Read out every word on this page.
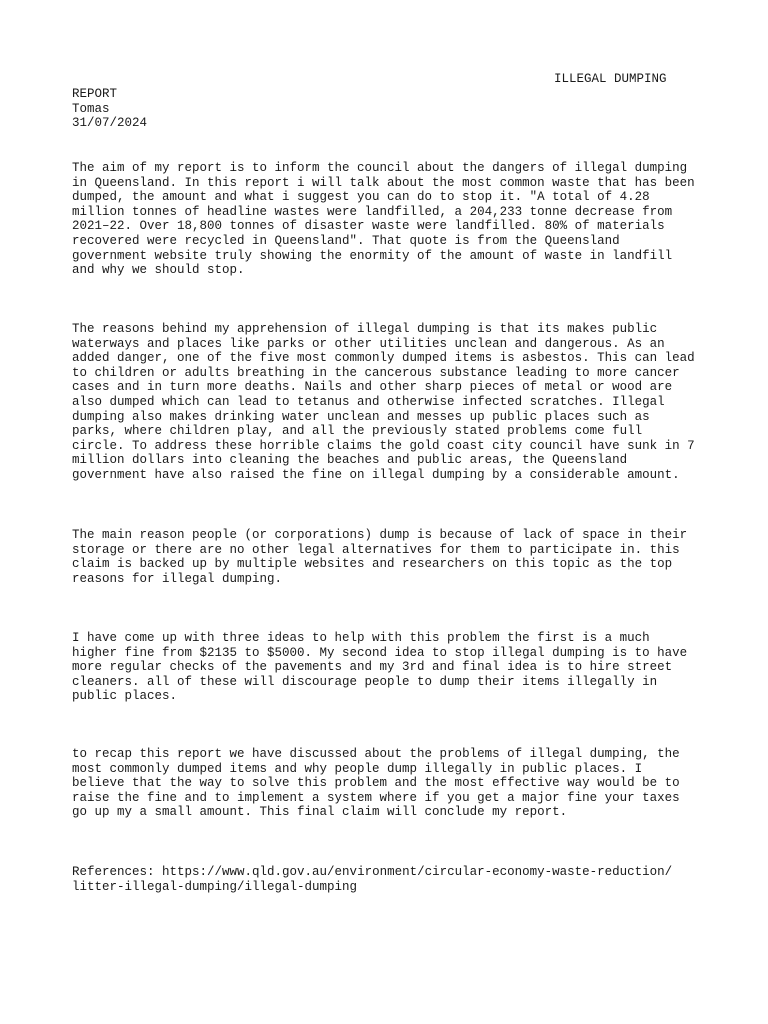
ILLEGAL DUMPING
REPORT
Tomas
31/07/2024
The aim of my report is to inform the council about the dangers of illegal dumping
in Queensland. In this report i will talk about the most common waste that has been
dumped, the amount and what i suggest you can do to stop it. "A total of 4.28
million tonnes of headline wastes were landfilled, a 204,233 tonne decrease from
2021–22. Over 18,800 tonnes of disaster waste were landfilled. 80% of materials
recovered were recycled in Queensland". That quote is from the Queensland
government website truly showing the enormity of the amount of waste in landfill
and why we should stop.
The reasons behind my apprehension of illegal dumping is that its makes public
waterways and places like parks or other utilities unclean and dangerous. As an
added danger, one of the five most commonly dumped items is asbestos. This can lead
to children or adults breathing in the cancerous substance leading to more cancer
cases and in turn more deaths. Nails and other sharp pieces of metal or wood are
also dumped which can lead to tetanus and otherwise infected scratches. Illegal
dumping also makes drinking water unclean and messes up public places such as
parks, where children play, and all the previously stated problems come full
circle. To address these horrible claims the gold coast city council have sunk in 7
million dollars into cleaning the beaches and public areas, the Queensland
government have also raised the fine on illegal dumping by a considerable amount.
The main reason people (or corporations) dump is because of lack of space in their
storage or there are no other legal alternatives for them to participate in. this
claim is backed up by multiple websites and researchers on this topic as the top
reasons for illegal dumping.
I have come up with three ideas to help with this problem the first is a much
higher fine from $2135 to $5000. My second idea to stop illegal dumping is to have
more regular checks of the pavements and my 3rd and final idea is to hire street
cleaners. all of these will discourage people to dump their items illegally in
public places.
to recap this report we have discussed about the problems of illegal dumping, the
most commonly dumped items and why people dump illegally in public places. I
believe that the way to solve this problem and the most effective way would be to
raise the fine and to implement a system where if you get a major fine your taxes
go up my a small amount. This final claim will conclude my report.
References: https://www.qld.gov.au/environment/circular-economy-waste-reduction/
litter-illegal-dumping/illegal-dumping
